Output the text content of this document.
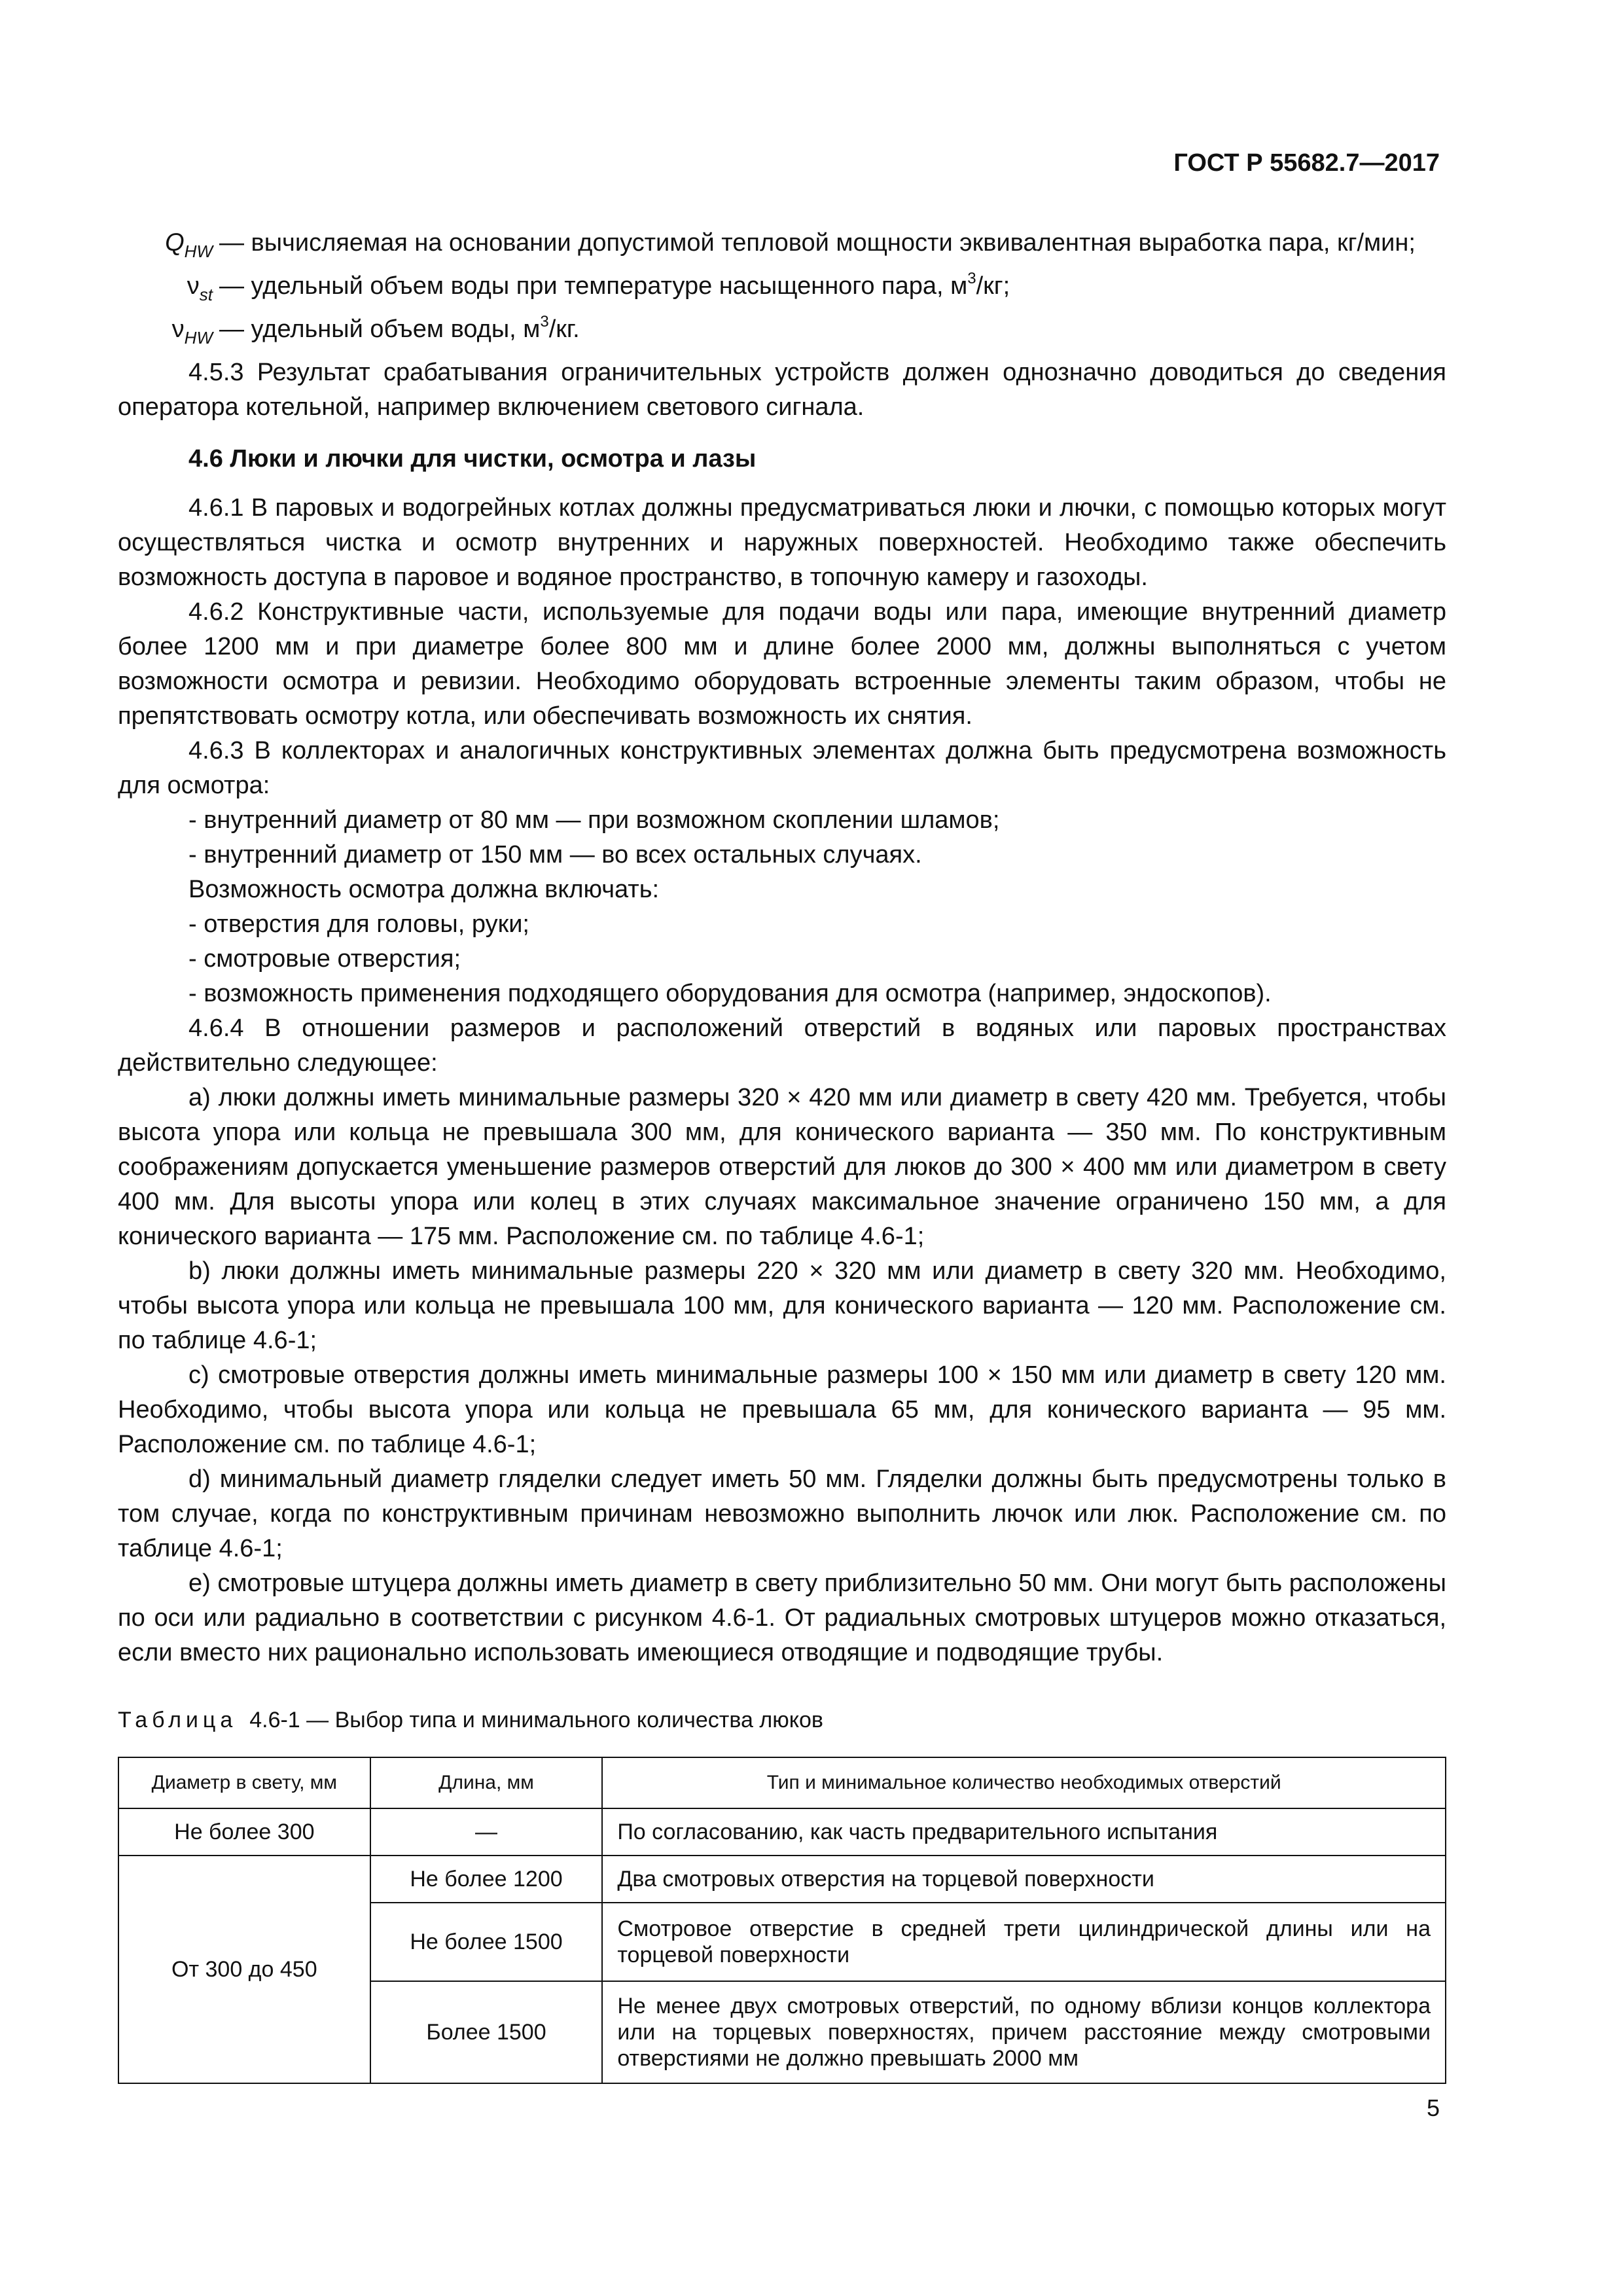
ГОСТ Р 55682.7—2017
$Q_{HW}$ — вычисляемая на основании допустимой тепловой мощности эквивалентная выработка пара, кг/мин;
$\nu_{st}$ — удельный объем воды при температуре насыщенного пара, $м^3/кг$;
$\nu_{HW}$ — удельный объем воды, $м^3/кг$.

4.5.3 Результат срабатывания ограничительных устройств должен однозначно доводиться до сведения оператора котельной, например включением светового сигнала.

4.6 Люки и лючки для чистки, осмотра и лазы

4.6.1 В паровых и водогрейных котлах должны предусматриваться люки и лючки, с помощью которых могут осуществляться чистка и осмотр внутренних и наружных поверхностей. Необходимо также обеспечить возможность доступа в паровое и водяное пространство, в топочную камеру и газоходы.

4.6.2 Конструктивные части, используемые для подачи воды или пара, имеющие внутренний диаметр более 1200 мм и при диаметре более 800 мм и длине более 2000 мм, должны выполняться с учетом возможности осмотра и ревизии. Необходимо оборудовать встроенные элементы таким образом, чтобы не препятствовать осмотру котла, или обеспечивать возможность их снятия.

4.6.3 В коллекторах и аналогичных конструктивных элементах должна быть предусмотрена возможность для осмотра:

- внутренний диаметр от 80 мм — при возможном скоплении шламов;
- внутренний диаметр от 150 мм — во всех остальных случаях.

Возможность осмотра должна включать:

- отверстия для головы, руки;
- смотровые отверстия;
- возможность применения подходящего оборудования для осмотра (например, эндоскопов).

4.6.4 В отношении размеров и расположений отверстий в водяных или паровых пространствах действительно следующее:

a) люки должны иметь минимальные размеры 320 × 420 мм или диаметр в свету 420 мм. Требуется, чтобы высота упора или кольца не превышала 300 мм, для конического варианта — 350 мм. По конструктивным соображениям допускается уменьшение размеров отверстий для люков до 300 × 400 мм или диаметром в свету 400 мм. Для высоты упора или колец в этих случаях максимальное значение ограничено 150 мм, а для конического варианта — 175 мм. Расположение см. по таблице 4.6-1;

b) люки должны иметь минимальные размеры 220 × 320 мм или диаметр в свету 320 мм. Необходимо, чтобы высота упора или кольца не превышала 100 мм, для конического варианта — 120 мм. Расположение см. по таблице 4.6-1;

c) смотровые отверстия должны иметь минимальные размеры 100 × 150 мм или диаметр в свету 120 мм. Необходимо, чтобы высота упора или кольца не превышала 65 мм, для конического варианта — 95 мм. Расположение см. по таблице 4.6-1;

d) минимальный диаметр гляделки следует иметь 50 мм. Гляделки должны быть предусмотрены только в том случае, когда по конструктивным причинам невозможно выполнить лючок или люк. Расположение см. по таблице 4.6-1;

e) смотровые штуцера должны иметь диаметр в свету приблизительно 50 мм. Они могут быть расположены по оси или радиально в соответствии с рисунком 4.6-1. От радиальных смотровых штуцеров можно отказаться, если вместо них рационально использовать имеющиеся отводящие и подводящие трубы.

Таблица 4.6-1 — Выбор типа и минимального количества люков
Диаметр в свету, мм	Длина, мм	Тип и минимальное количество необходимых отверстий
Не более 300	—	По согласованию, как часть предварительного испытания
От 300 до 450	Не более 1200	Два смотровых отверстия на торцевой поверхности
	Не более 1500	Смотровое отверстие в средней трети цилиндрической длины или на торцевой поверхности
	Более 1500	Не менее двух смотровых отверстий, по одному вблизи концов коллектора или на торцевых поверхностях, причем расстояние между смотровыми отверстиями не должно превышать 2000 мм
5
